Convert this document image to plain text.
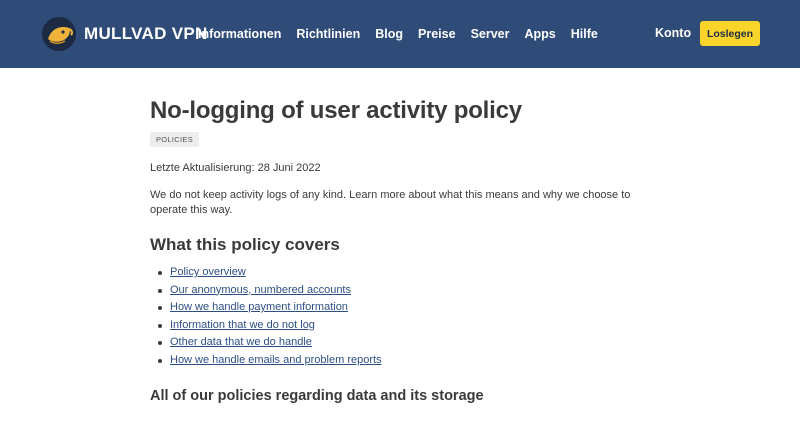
MULLVAD VPN
Informationen Richtlinien Blog Preise Server Apps Hilfe	Konto	Loslegen
No-logging of user activity policy
POLICIES

Letzte Aktualisierung: 28 Juni 2022

We do not keep activity logs of any kind. Learn more about what this means and why we choose to operate this way.

What this policy covers
Policy overview
Our anonymous, numbered accounts
How we handle payment information
Information that we do not log
Other data that we do handle
How we handle emails and problem reports
All of our policies regarding data and its storage
